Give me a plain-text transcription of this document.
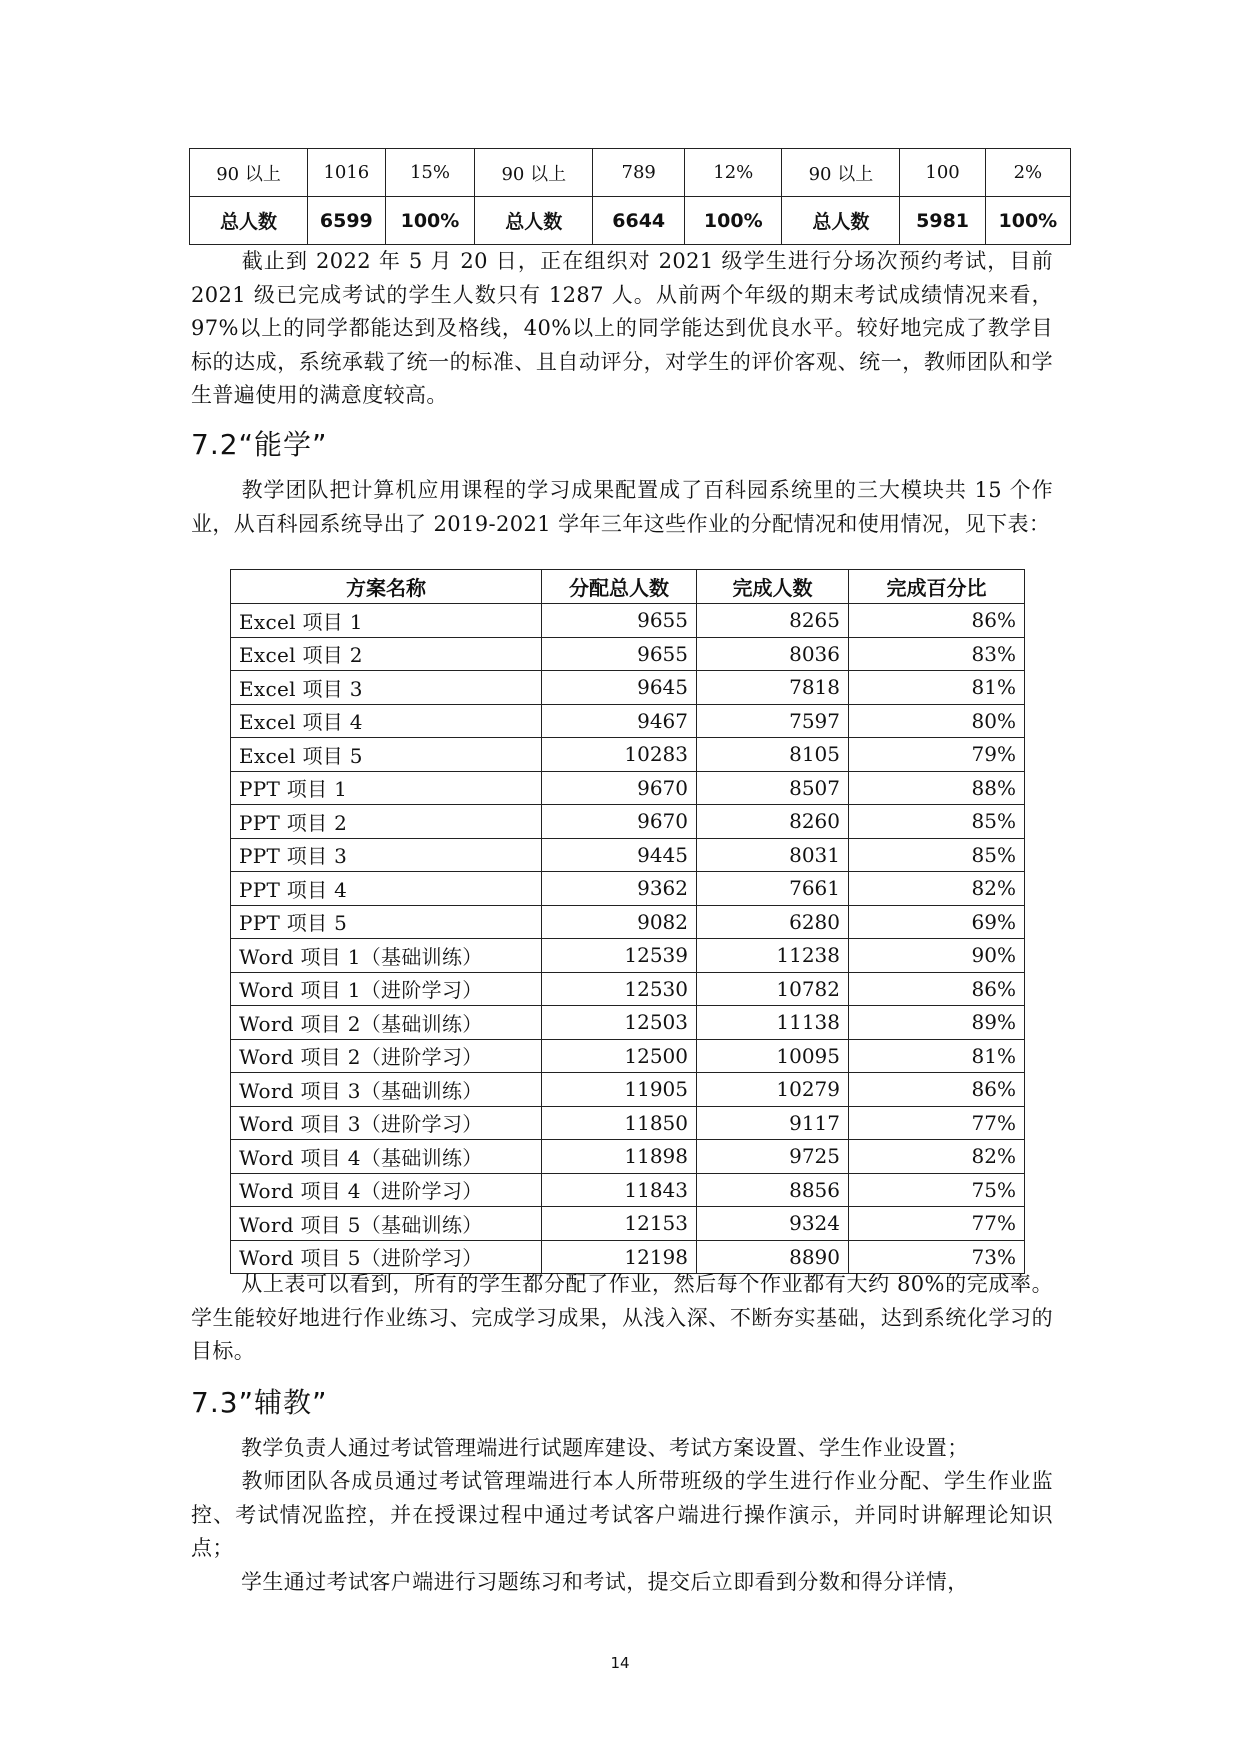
90 以上	1016	15%	90 以上	789	12%	90 以上	100	2%
总人数	6599	100%	总人数	6644	100%	总人数	5981	100%

截止到 2022 年 5 月 20 日，正在组织对 2021 级学生进行分场次预约考试，目前 2021 级已完成考试的学生人数只有 1287 人。从前两个年级的期末考试成绩情况来看，97%以上的同学都能达到及格线，40%以上的同学能达到优良水平。较好地完成了教学目标的达成，系统承载了统一的标准、且自动评分，对学生的评价客观、统一，教师团队和学生普遍使用的满意度较高。

7.2“能学”

教学团队把计算机应用课程的学习成果配置成了百科园系统里的三大模块共 15 个作业，从百科园系统导出了 2019-2021 学年三年这些作业的分配情况和使用情况，见下表：

方案名称	分配总人数	完成人数	完成百分比
Excel 项目 1	9655	8265	86%
Excel 项目 2	9655	8036	83%
Excel 项目 3	9645	7818	81%
Excel 项目 4	9467	7597	80%
Excel 项目 5	10283	8105	79%
PPT 项目 1	9670	8507	88%
PPT 项目 2	9670	8260	85%
PPT 项目 3	9445	8031	85%
PPT 项目 4	9362	7661	82%
PPT 项目 5	9082	6280	69%
Word 项目 1（基础训练）	12539	11238	90%
Word 项目 1（进阶学习）	12530	10782	86%
Word 项目 2（基础训练）	12503	11138	89%
Word 项目 2（进阶学习）	12500	10095	81%
Word 项目 3（基础训练）	11905	10279	86%
Word 项目 3（进阶学习）	11850	9117	77%
Word 项目 4（基础训练）	11898	9725	82%
Word 项目 4（进阶学习）	11843	8856	75%
Word 项目 5（基础训练）	12153	9324	77%
Word 项目 5（进阶学习）	12198	8890	73%

从上表可以看到，所有的学生都分配了作业，然后每个作业都有大约 80%的完成率。学生能较好地进行作业练习、完成学习成果，从浅入深、不断夯实基础，达到系统化学习的目标。

7.3”辅教”

教学负责人通过考试管理端进行试题库建设、考试方案设置、学生作业设置；

教师团队各成员通过考试管理端进行本人所带班级的学生进行作业分配、学生作业监控、考试情况监控，并在授课过程中通过考试客户端进行操作演示，并同时讲解理论知识点；

学生通过考试客户端进行习题练习和考试，提交后立即看到分数和得分详情，

14
